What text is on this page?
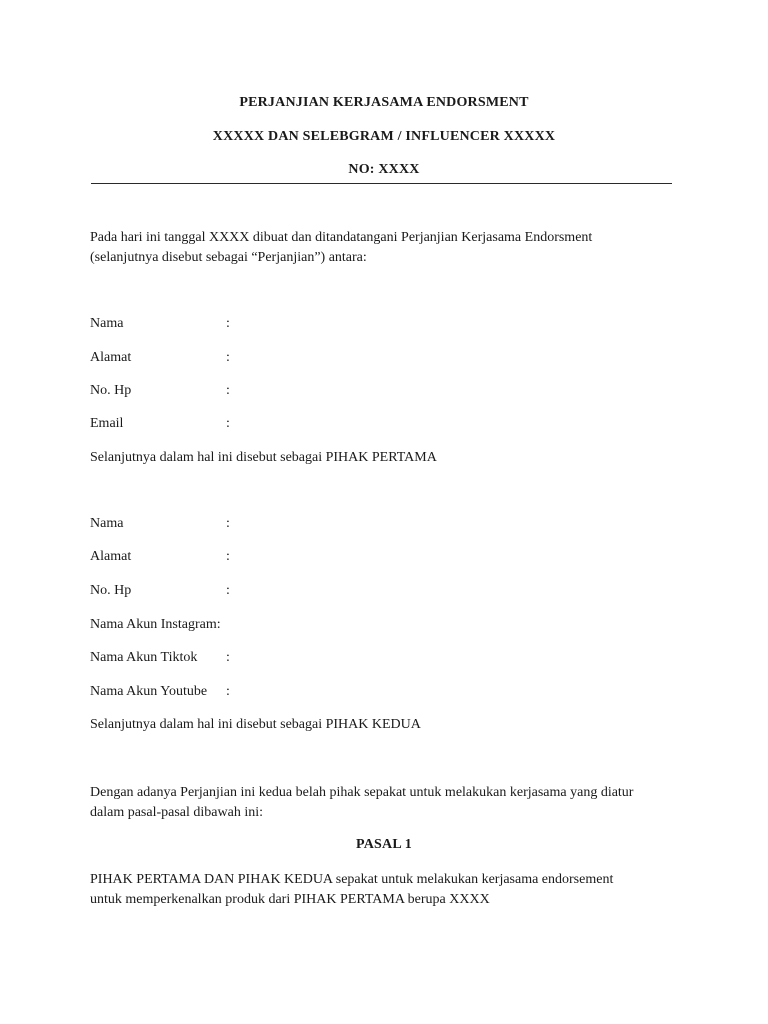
PERJANJIAN KERJASAMA ENDORSMENT
XXXXX DAN SELEBGRAM / INFLUENCER XXXXX
NO: XXXX
Pada hari ini tanggal XXXX dibuat dan ditandatangani Perjanjian Kerjasama Endorsment
(selanjutnya disebut sebagai “Perjanjian”) antara:
Nama	:
Alamat	:
No. Hp	:
Email	:
Selanjutnya dalam hal ini disebut sebagai PIHAK PERTAMA
Nama	:
Alamat	:
No. Hp	:
Nama Akun Instagram:
Nama Akun Tiktok :
Nama Akun Youtube :
Selanjutnya dalam hal ini disebut sebagai PIHAK KEDUA
Dengan adanya Perjanjian ini kedua belah pihak sepakat untuk melakukan kerjasama yang diatur
dalam pasal-pasal dibawah ini:
PASAL 1
PIHAK PERTAMA DAN PIHAK KEDUA sepakat untuk melakukan kerjasama endorsement
untuk memperkenalkan produk dari PIHAK PERTAMA berupa XXXX
